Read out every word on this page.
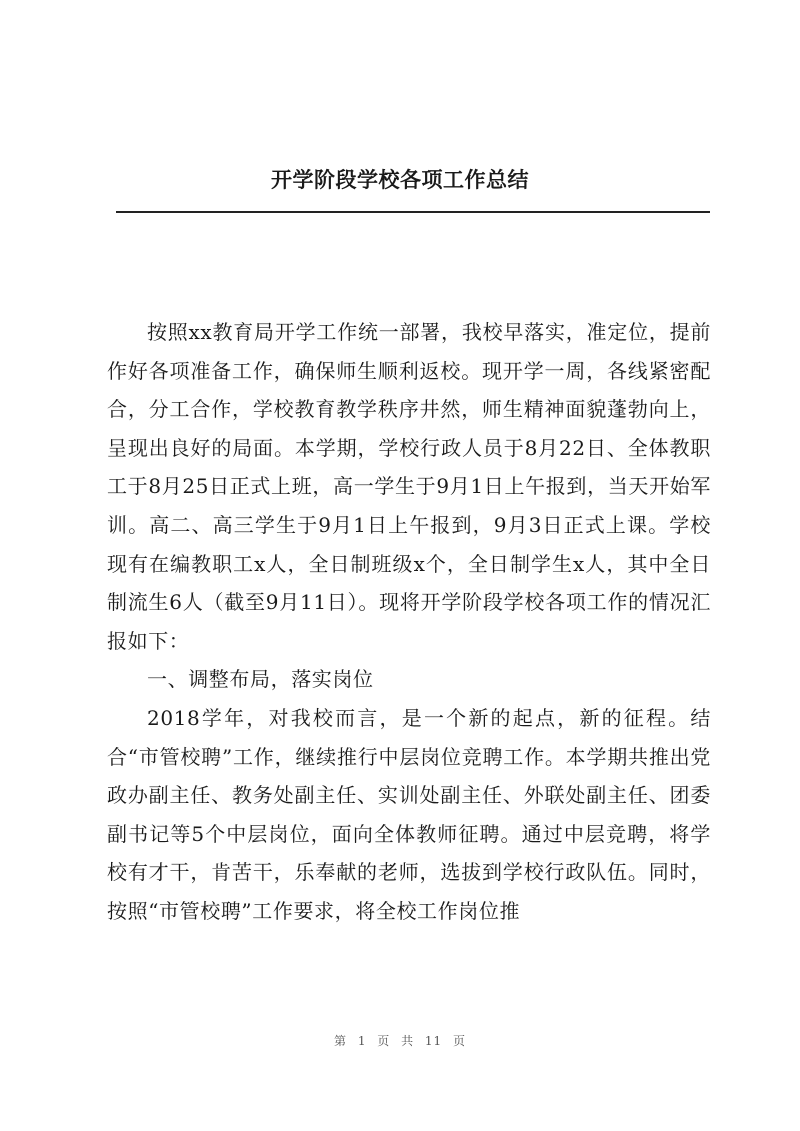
开学阶段学校各项工作总结

按照xx教育局开学工作统一部署，我校早落实，准定位，提前作好各项准备工作，确保师生顺利返校。现开学一周，各线紧密配合，分工合作，学校教育教学秩序井然，师生精神面貌蓬勃向上，呈现出良好的局面。本学期，学校行政人员于8月22日、全体教职工于8月25日正式上班，高一学生于9月1日上午报到，当天开始军训。高二、高三学生于9月1日上午报到，9月3日正式上课。学校现有在编教职工x人，全日制班级x个，全日制学生x人，其中全日制流生6人（截至9月11日）。现将开学阶段学校各项工作的情况汇报如下：

一、调整布局，落实岗位

2018学年，对我校而言，是一个新的起点，新的征程。结合“市管校聘”工作，继续推行中层岗位竞聘工作。本学期共推出党政办副主任、教务处副主任、实训处副主任、外联处副主任、团委副书记等5个中层岗位，面向全体教师征聘。通过中层竞聘，将学校有才干，肯苦干，乐奉献的老师，选拔到学校行政队伍。同时，按照“市管校聘”工作要求，将全校工作岗位推

第 1 页 共 11 页
